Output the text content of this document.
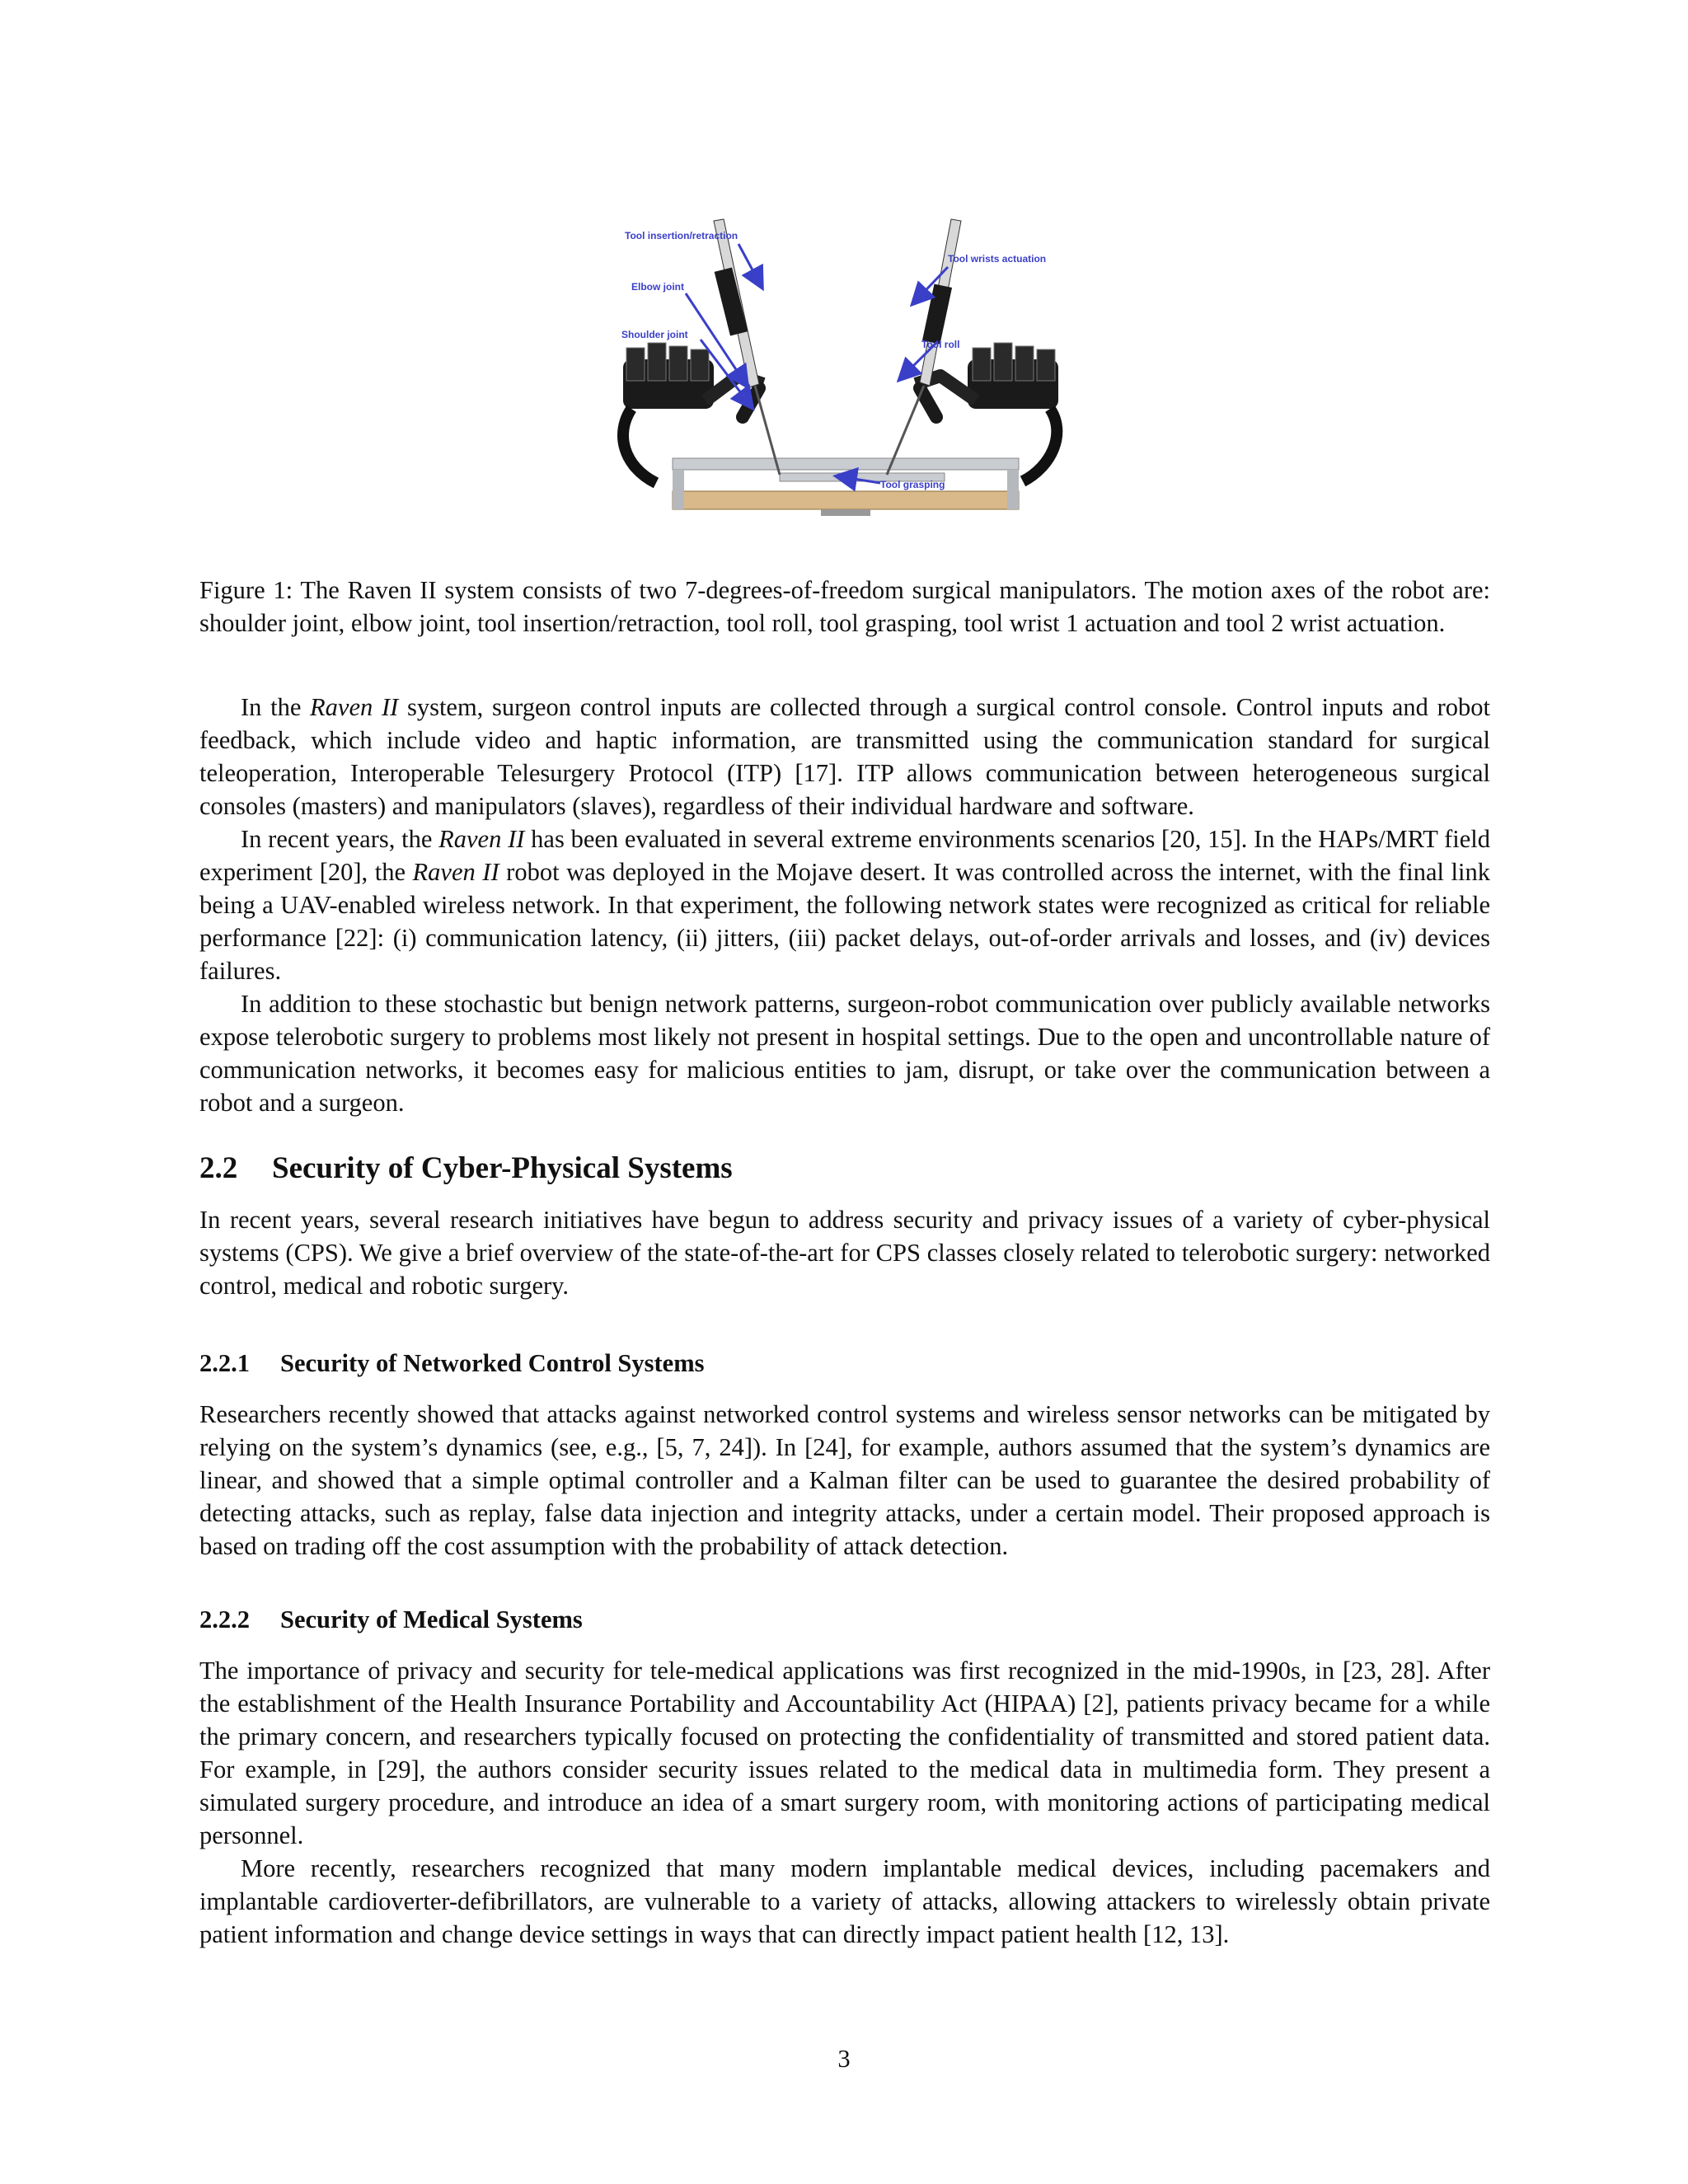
Tool insertion/retraction
Elbow joint
Shoulder joint
Tool wrists actuation
Tool roll
Tool grasping

Figure 1: The Raven II system consists of two 7-degrees-of-freedom surgical manipulators. The motion axes of the robot are: shoulder joint, elbow joint, tool insertion/retraction, tool roll, tool grasping, tool wrist 1 actuation and tool 2 wrist actuation.

In the Raven II system, surgeon control inputs are collected through a surgical control console. Control inputs and robot feedback, which include video and haptic information, are transmitted using the communication standard for surgical teleoperation, Interoperable Telesurgery Protocol (ITP) [17]. ITP allows communication between heterogeneous surgical consoles (masters) and manipulators (slaves), regardless of their individual hardware and software.

In recent years, the Raven II has been evaluated in several extreme environments scenarios [20, 15]. In the HAPs/MRT field experiment [20], the Raven II robot was deployed in the Mojave desert. It was controlled across the internet, with the final link being a UAV-enabled wireless network. In that experiment, the following network states were recognized as critical for reliable performance [22]: (i) communication latency, (ii) jitters, (iii) packet delays, out-of-order arrivals and losses, and (iv) devices failures.

In addition to these stochastic but benign network patterns, surgeon-robot communication over publicly available networks expose telerobotic surgery to problems most likely not present in hospital settings. Due to the open and uncontrollable nature of communication networks, it becomes easy for malicious entities to jam, disrupt, or take over the communication between a robot and a surgeon.

2.2 Security of Cyber-Physical Systems

In recent years, several research initiatives have begun to address security and privacy issues of a variety of cyber-physical systems (CPS). We give a brief overview of the state-of-the-art for CPS classes closely related to telerobotic surgery: networked control, medical and robotic surgery.

2.2.1 Security of Networked Control Systems

Researchers recently showed that attacks against networked control systems and wireless sensor networks can be mitigated by relying on the system’s dynamics (see, e.g., [5, 7, 24]). In [24], for example, authors assumed that the system’s dynamics are linear, and showed that a simple optimal controller and a Kalman filter can be used to guarantee the desired probability of detecting attacks, such as replay, false data injection and integrity attacks, under a certain model. Their proposed approach is based on trading off the cost assumption with the probability of attack detection.

2.2.2 Security of Medical Systems

The importance of privacy and security for tele-medical applications was first recognized in the mid-1990s, in [23, 28]. After the establishment of the Health Insurance Portability and Accountability Act (HIPAA) [2], patients privacy became for a while the primary concern, and researchers typically focused on protecting the confidentiality of transmitted and stored patient data. For example, in [29], the authors consider security issues related to the medical data in multimedia form. They present a simulated surgery procedure, and introduce an idea of a smart surgery room, with monitoring actions of participating medical personnel.

More recently, researchers recognized that many modern implantable medical devices, including pacemakers and implantable cardioverter-defibrillators, are vulnerable to a variety of attacks, allowing attackers to wirelessly obtain private patient information and change device settings in ways that can directly impact patient health [12, 13].

3
